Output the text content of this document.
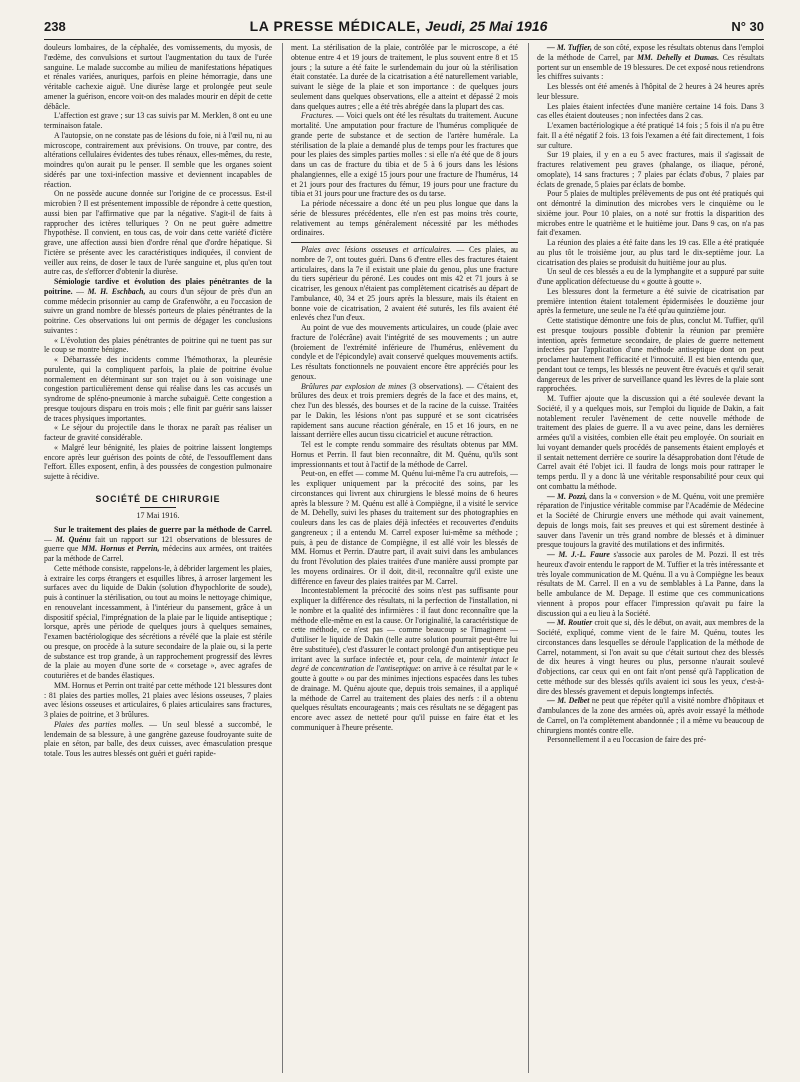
238	LA PRESSE MÉDICALE, Jeudi, 25 Mai 1916	N° 30

douleurs lombaires, de la céphalée, des vomissements, du myosis, de l'œdème, des convulsions et surtout l'augmentation du taux de l'urée sanguine. Le malade succombe au milieu de manifestations hépatiques et rénales variées, anuriques, parfois en pleine hémorragie, dans une véritable cachexie aiguë. Une diurèse large et prolongée peut seule amener la guérison, encore voit-on des malades mourir en dépit de cette débâcle.

L'affection est grave ; sur 13 cas suivis par M. Merklen, 8 ont eu une terminaison fatale.

A l'autopsie, on ne constate pas de lésions du foie, ni à l'œil nu, ni au microscope, contrairement aux prévisions. On trouve, par contre, des altérations cellulaires évidentes des tubes rénaux, elles-mêmes, du reste, moindres qu'on aurait pu le penser. Il semble que les organes soient sidérés par une toxi-infection massive et deviennent incapables de réaction.

On ne possède aucune donnée sur l'origine de ce processus. Est-il microbien ? Il est présentement impossible de répondre à cette question, aussi bien par l'affirmative que par la négative. S'agit-il de faits à rapprocher des ictères telluriques ? On ne peut guère admettre l'hypothèse. Il convient, en tous cas, de voir dans cette variété d'ictère grave, une affection aussi bien d'ordre rénal que d'ordre hépatique. Si l'ictère se présente avec les caractéristiques indiquées, il convient de veiller aux reins, de doser le taux de l'urée sanguine et, plus qu'en tout autre cas, de s'efforcer d'obtenir la diurèse.

Sémiologie tardive et évolution des plaies pénétrantes de la poitrine. — M. H. Eschbach, au cours d'un séjour de près d'un an comme médecin prisonnier au camp de Grafenwöhr, a eu l'occasion de suivre un grand nombre de blessés porteurs de plaies pénétrantes de la poitrine. Ces observations lui ont permis de dégager les conclusions suivantes :

« L'évolution des plaies pénétrantes de poitrine qui ne tuent pas sur le coup se montre bénigne.

« Débarrassée des incidents comme l'hémothorax, la pleurésie purulente, qui la compliquent parfois, la plaie de poitrine évolue normalement en déterminant sur son trajet ou à son voisinage une congestion particulièrement dense qui réalise dans les cas accusés un syndrome de spléno-pneumonie à marche subaiguë. Cette congestion a presque toujours disparu en trois mois ; elle finit par guérir sans laisser de traces physiques importantes.

« Le séjour du projectile dans le thorax ne paraît pas réaliser un facteur de gravité considérable.

« Malgré leur bénignité, les plaies de poitrine laissent longtemps encore après leur guérison des points de côté, de l'essoufflement dans l'effort. Elles exposent, enfin, à des poussées de congestion pulmonaire sujette à récidive.

SOCIÉTÉ DE CHIRURGIE
17 Mai 1916.

Sur le traitement des plaies de guerre par la méthode de Carrel. — M. Quénu fait un rapport sur 121 observations de blessures de guerre que MM. Hornus et Perrin, médecins aux armées, ont traitées par la méthode de Carrel.

Cette méthode consiste, rappelons-le, à débrider largement les plaies, à extraire les corps étrangers et esquilles libres, à arroser largement les surfaces avec du liquide de Dakin (solution d'hypochlorite de soude), puis à continuer la stérilisation, ou tout au moins le nettoyage chimique, en renouvelant incessamment, à l'intérieur du pansement, grâce à un dispositif spécial, l'imprégnation de la plaie par le liquide antiseptique ; lorsque, après une période de quelques jours à quelques semaines, l'examen bactériologique des sécrétions a révélé que la plaie est stérile ou presque, on procède à la suture secondaire de la plaie ou, si la perte de substance est trop grande, à un rapprochement progressif des lèvres de la plaie au moyen d'une sorte de « corsetage », avec agrafes de couturières et de bandes élastiques.

MM. Hornus et Perrin ont traité par cette méthode 121 blessures dont : 81 plaies des parties molles, 21 plaies avec lésions osseuses, 7 plaies avec lésions osseuses et articulaires, 6 plaies articulaires sans fractures, 3 plaies de poitrine, et 3 brûlures.

Plaies des parties molles. — Un seul blessé a succombé, le lendemain de sa blessure, à une gangrène gazeuse foudroyante suite de plaie en séton, par balle, des deux cuisses, avec émasculation presque totale. Tous les autres blessés ont guéri et guéri rapide-

ment. La stérilisation de la plaie, contrôlée par le microscope, a été obtenue entre 4 et 19 jours de traitement, le plus souvent entre 8 et 15 jours ; la suture a été faite le surlendemain du jour où la stérilisation était constatée. La durée de la cicatrisation a été naturellement variable, suivant le siège de la plaie et son importance : de quelques jours seulement dans quelques observations, elle a atteint et dépassé 2 mois dans quelques autres ; elle a été très abrégée dans la plupart des cas.

Fractures. — Voici quels ont été les résultats du traitement. Aucune mortalité. Une amputation pour fracture de l'humérus compliquée de grande perte de substance et de section de l'artère humérale. La stérilisation de la plaie a demandé plus de temps pour les fractures que pour les plaies des simples parties molles : si elle n'a été que de 8 jours dans un cas de fracture du tibia et de 5 à 6 jours dans les lésions phalangiennes, elle a exigé 15 jours pour une fracture de l'humérus, 14 et 21 jours pour des fractures du fémur, 19 jours pour une fracture du tibia et 31 jours pour une fracture des os du tarse.

La période nécessaire a donc été un peu plus longue que dans la série de blessures précédentes, elle n'en est pas moins très courte, relativement au temps généralement nécessité par les méthodes ordinaires.

Plaies avec lésions osseuses et articulaires. — Ces plaies, au nombre de 7, ont toutes guéri. Dans 6 d'entre elles des fractures étaient articulaires, dans la 7e il existait une plaie du genou, plus une fracture du tiers supérieur du péroné. Les coudes ont mis 42 et 71 jours à se cicatriser, les genoux n'étaient pas complètement cicatrisés au départ de l'ambulance, 40, 34 et 25 jours après la blessure, mais ils étaient en bonne voie de cicatrisation, 2 avaient été suturés, les fils avaient été enlevés chez l'un d'eux.

Au point de vue des mouvements articulaires, un coude (plaie avec fracture de l'olécrâne) avait l'intégrité de ses mouvements ; un autre (broiement de l'extrémité inférieure de l'humérus, enlèvement du condyle et de l'épicondyle) avait conservé quelques mouvements actifs. Les résultats fonctionnels ne pouvaient encore être appréciés pour les genoux.

Brûlures par explosion de mines (3 observations). — C'étaient des brûlures des deux et trois premiers degrés de la face et des mains, et, chez l'un des blessés, des bourses et de la racine de la cuisse. Traitées par le Dakin, les lésions n'ont pas suppuré et se sont cicatrisées rapidement sans aucune réaction générale, en 15 et 16 jours, en ne laissant derrière elles aucun tissu cicatriciel et aucune rétraction.

Tel est le compte rendu sommaire des résultats obtenus par MM. Hornus et Perrin. Il faut bien reconnaître, dit M. Quénu, qu'ils sont impressionnants et tout à l'actif de la méthode de Carrel.

Peut-on, en effet — comme M. Quénu lui-même l'a cru autrefois, — les expliquer uniquement par la précocité des soins, par les circonstances qui livrent aux chirurgiens le blessé moins de 6 heures après la blessure ? M. Quénu est allé à Compiègne, il a visité le service de M. Dehelly, suivi les phases du traitement sur des photographies en couleurs dans les cas de plaies déjà infectées et recouvertes d'enduits gangreneux ; il a entendu M. Carrel exposer lui-même sa méthode ; puis, à peu de distance de Compiègne, il est allé voir les blessés de MM. Hornus et Perrin. D'autre part, il avait suivi dans les ambulances du front l'évolution des plaies traitées d'une manière aussi prompte par les moyens ordinaires. Or il doit, dit-il, reconnaître qu'il existe une différence en faveur des plaies traitées par M. Carrel.

Incontestablement la précocité des soins n'est pas suffisante pour expliquer la différence des résultats, ni la perfection de l'installation, ni le nombre et la qualité des infirmières : il faut donc reconnaître que la méthode elle-même en est la cause. Or l'originalité, la caractéristique de cette méthode, ce n'est pas — comme beaucoup se l'imaginent — d'utiliser le liquide de Dakin (telle autre solution pourrait peut-être lui être substituée), c'est d'assurer le contact prolongé d'un antiseptique peu irritant avec la surface infectée et, pour cela, de maintenir intact le degré de concentration de l'antiseptique: on arrive à ce résultat par le « goutte à goutte » ou par des minimes injections espacées dans les tubes de drainage. M. Quénu ajoute que, depuis trois semaines, il a appliqué la méthode de Carrel au traitement des plaies des nerfs : il a obtenu quelques résultats encourageants ; mais ces résultats ne se dégagent pas encore avec assez de netteté pour qu'il puisse en faire état et les communiquer à l'heure présente.

— M. Tuffier, de son côté, expose les résultats obtenus dans l'emploi de la méthode de Carrel, par MM. Dehelly et Dumas. Ces résultats portent sur un ensemble de 19 blessures. De cet exposé nous retiendrons les chiffres suivants :

Les blessés ont été amenés à l'hôpital de 2 heures à 24 heures après leur blessure.

Les plaies étaient infectées d'une manière certaine 14 fois. Dans 3 cas elles étaient douteuses ; non infectées dans 2 cas.

L'examen bactériologique a été pratiqué 14 fois ; 5 fois il n'a pu être fait. Il a été négatif 2 fois. 13 fois l'examen a été fait directement, 1 fois sur culture.

Sur 19 plaies, il y en a eu 5 avec fractures, mais il s'agissait de fractures relativement peu graves (phalange, os iliaque, péroné, omoplate), 14 sans fractures ; 7 plaies par éclats d'obus, 7 plaies par éclats de grenade, 5 plaies par éclats de bombe.

Pour 5 plaies de multiples prélèvements de pus ont été pratiqués qui ont démontré la diminution des microbes vers le cinquième ou le sixième jour. Pour 10 plaies, on a noté sur frottis la disparition des microbes entre le quatrième et le huitième jour. Dans 9 cas, on n'a pas fait d'examen.

La réunion des plaies a été faite dans les 19 cas. Elle a été pratiquée au plus tôt le troisième jour, au plus tard le dix-septième jour. La cicatrisation des plaies se produisit du huitième jour au plus.

Un seul de ces blessés a eu de la lymphangite et a suppuré par suite d'une application défectueuse du « goutte à goutte ».

Les blessures dont la fermeture a été suivie de cicatrisation par première intention étaient totalement épidermisées le douzième jour après la fermeture, une seule ne l'a été qu'au quinzième jour.

Cette statistique démontre une fois de plus, conclut M. Tuffier, qu'il est presque toujours possible d'obtenir la réunion par première intention, après fermeture secondaire, de plaies de guerre nettement infectées par l'application d'une méthode antiseptique dont on peut proclamer hautement l'efficacité et l'innocuité. Il est bien entendu que, pendant tout ce temps, les blessés ne peuvent être évacués et qu'il serait dangereux de les priver de surveillance quand les lèvres de la plaie sont rapprochées.

M. Tuffier ajoute que la discussion qui a été soulevée devant la Société, il y a quelques mois, sur l'emploi du liquide de Dakin, a fait notablement reculer l'avènement de cette nouvelle méthode de traitement des plaies de guerre. Il a vu avec peine, dans les dernières armées qu'il a visitées, combien elle était peu employée. On souriait en lui voyant demander quels procédés de pansements étaient employés et il sentait nettement derrière ce sourire la désapprobation dont l'étude de Carrel avait été l'objet ici. Il faudra de longs mois pour rattraper le temps perdu. Il y a donc là une véritable responsabilité pour ceux qui ont combattu la méthode.

— M. Pozzi, dans la « conversion » de M. Quénu, voit une première réparation de l'injustice véritable commise par l'Académie de Médecine et la Société de Chirurgie envers une méthode qui avait vainement, depuis de longs mois, fait ses preuves et qui est sûrement destinée à sauver dans l'avenir un très grand nombre de blessés et à diminuer presque toujours la gravité des mutilations et des infirmités.

— M. J.-L. Faure s'associe aux paroles de M. Pozzi. Il est très heureux d'avoir entendu le rapport de M. Tuffier et la très intéressante et très loyale communication de M. Quénu. Il a vu à Compiègne les beaux résultats de M. Carrel. Il en a vu de semblables à La Panne, dans la belle ambulance de M. Depage. Il estime que ces communications viennent à propos pour effacer l'impression qu'avait pu faire la discussion qui a eu lieu à la Société.

— M. Routier croit que si, dès le début, on avait, aux membres de la Société, expliqué, comme vient de le faire M. Quénu, toutes les circonstances dans lesquelles se déroule l'application de la méthode de Carrel, notamment, si l'on avait su que c'était surtout chez des blessés de dix heures à vingt heures ou plus, personne n'aurait soulevé d'objections, car ceux qui en ont fait n'ont pensé qu'à l'application de cette méthode sur des blessés qu'ils avaient ici sous les yeux, c'est-à-dire des blessés gravement et depuis longtemps infectés.

— M. Delbet ne peut que répéter qu'il a visité nombre d'hôpitaux et d'ambulances de la zone des armées où, après avoir essayé la méthode de Carrel, on l'a complètement abandonnée ; il a même vu beaucoup de chirurgiens montés contre elle.

Personnellement il a eu l'occasion de faire des pré-
